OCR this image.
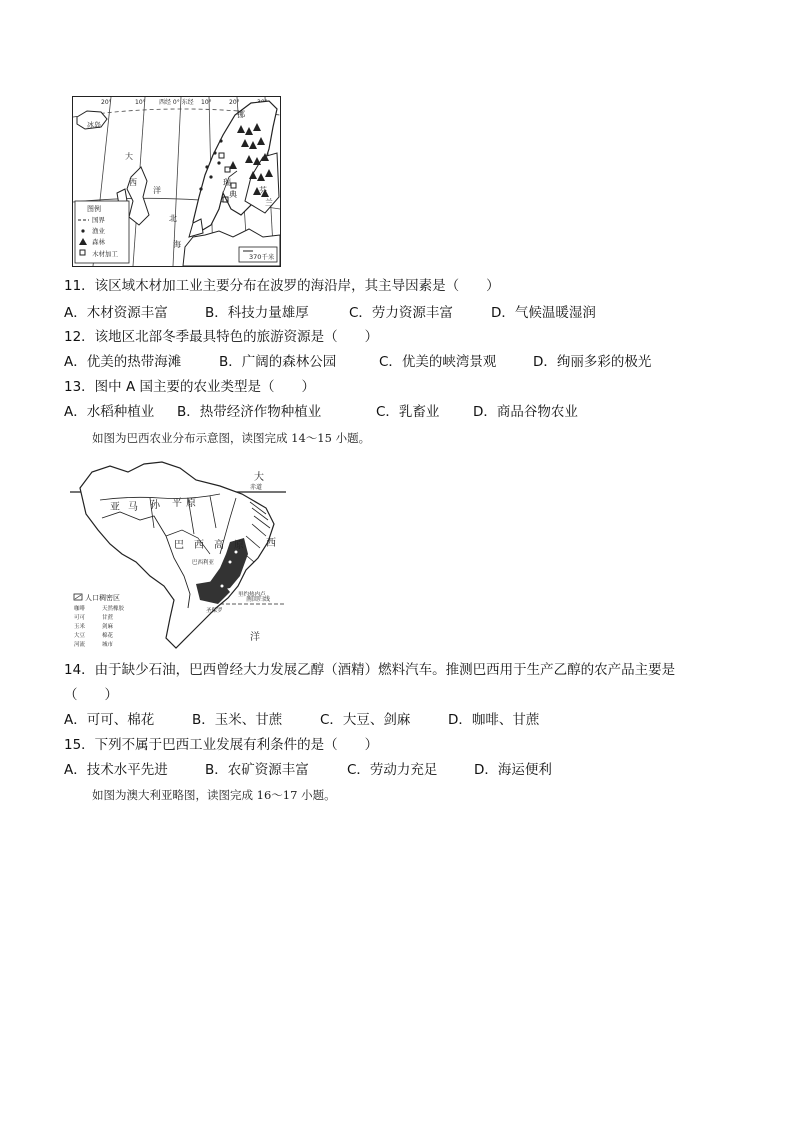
20°	10° 西经 0° 东经 10°	20°
冰岛
大
西
洋
北
海
挪
瑞
典	芬
兰
图例
国界
渔业
森林
木材加工	370千米
11．该区域木材加工业主要分布在波罗的海沿岸，其主导因素是（　　）
A．木材资源丰富	B．科技力量雄厚	C．劳力资源丰富	D．气候温暖湿润
12．该地区北部冬季最具特色的旅游资源是（　　）
A．优美的热带海滩	B．广阔的森林公园	C．优美的峡湾景观	D．绚丽多彩的极光
13．图中 A 国主要的农业类型是（　　）
A．水稻种植业 B．热带经济作物种植业	C．乳畜业 D．商品谷物农业
如图为巴西农业分布示意图，读图完成 14～15 小题。
赤道
南回归线
亚 马 孙 平 原
巴 西 高 原 西
大
洋
巴西利亚
里约热内卢
圣保罗
人口稠密区
咖啡	天然橡胶
可可	甘蔗
玉米	剑麻
大豆	棉花
河流	城市
14．由于缺少石油，巴西曾经大力发展乙醇（酒精）燃料汽车。推测巴西用于生产乙醇的农产品主要是
（　　）
A．可可、棉花	B．玉米、甘蔗	C．大豆、剑麻	D．咖啡、甘蔗
15．下列不属于巴西工业发展有利条件的是（　　）
A．技术水平先进	B．农矿资源丰富	C．劳动力充足	D．海运便利
如图为澳大利亚略图，读图完成 16～17 小题。
